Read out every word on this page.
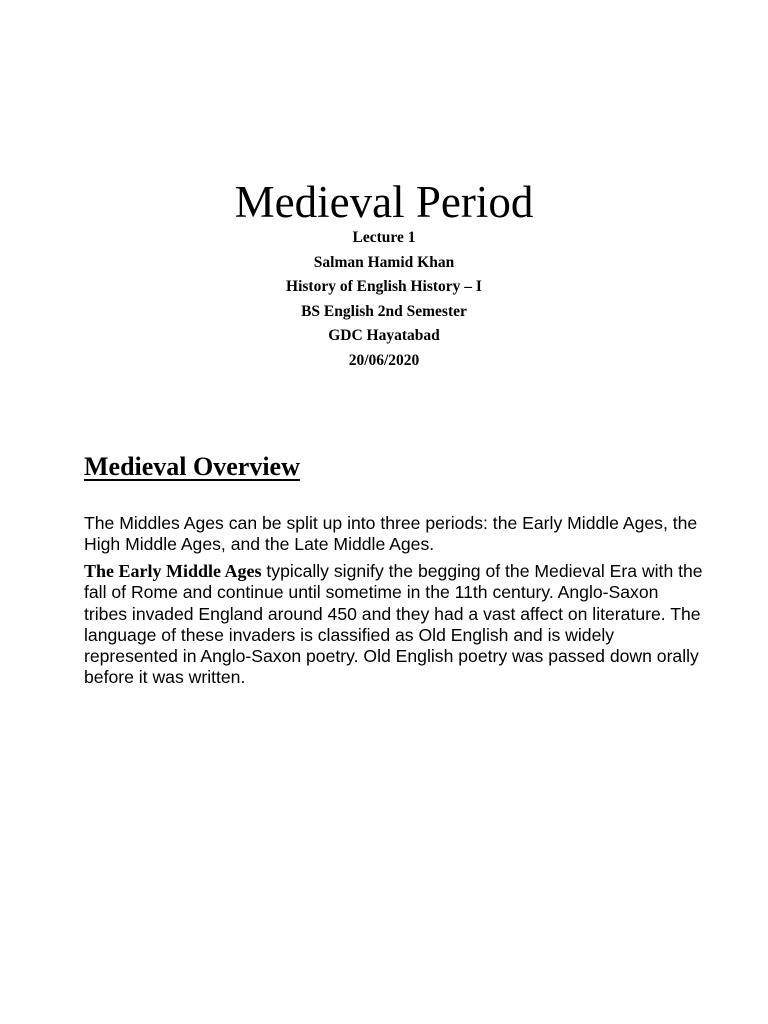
Medieval Period
Lecture 1
Salman Hamid Khan
History of English History – I
BS English 2nd Semester
GDC Hayatabad
20/06/2020
Medieval Overview

The Middles Ages can be split up into three periods: the Early Middle Ages, the High Middle Ages, and the Late Middle Ages.

The Early Middle Ages typically signify the begging of the Medieval Era with the fall of Rome and continue until sometime in the 11th century. Anglo-Saxon tribes invaded England around 450 and they had a vast affect on literature. The language of these invaders is classified as Old English and is widely represented in Anglo-Saxon poetry. Old English poetry was passed down orally before it was written.
